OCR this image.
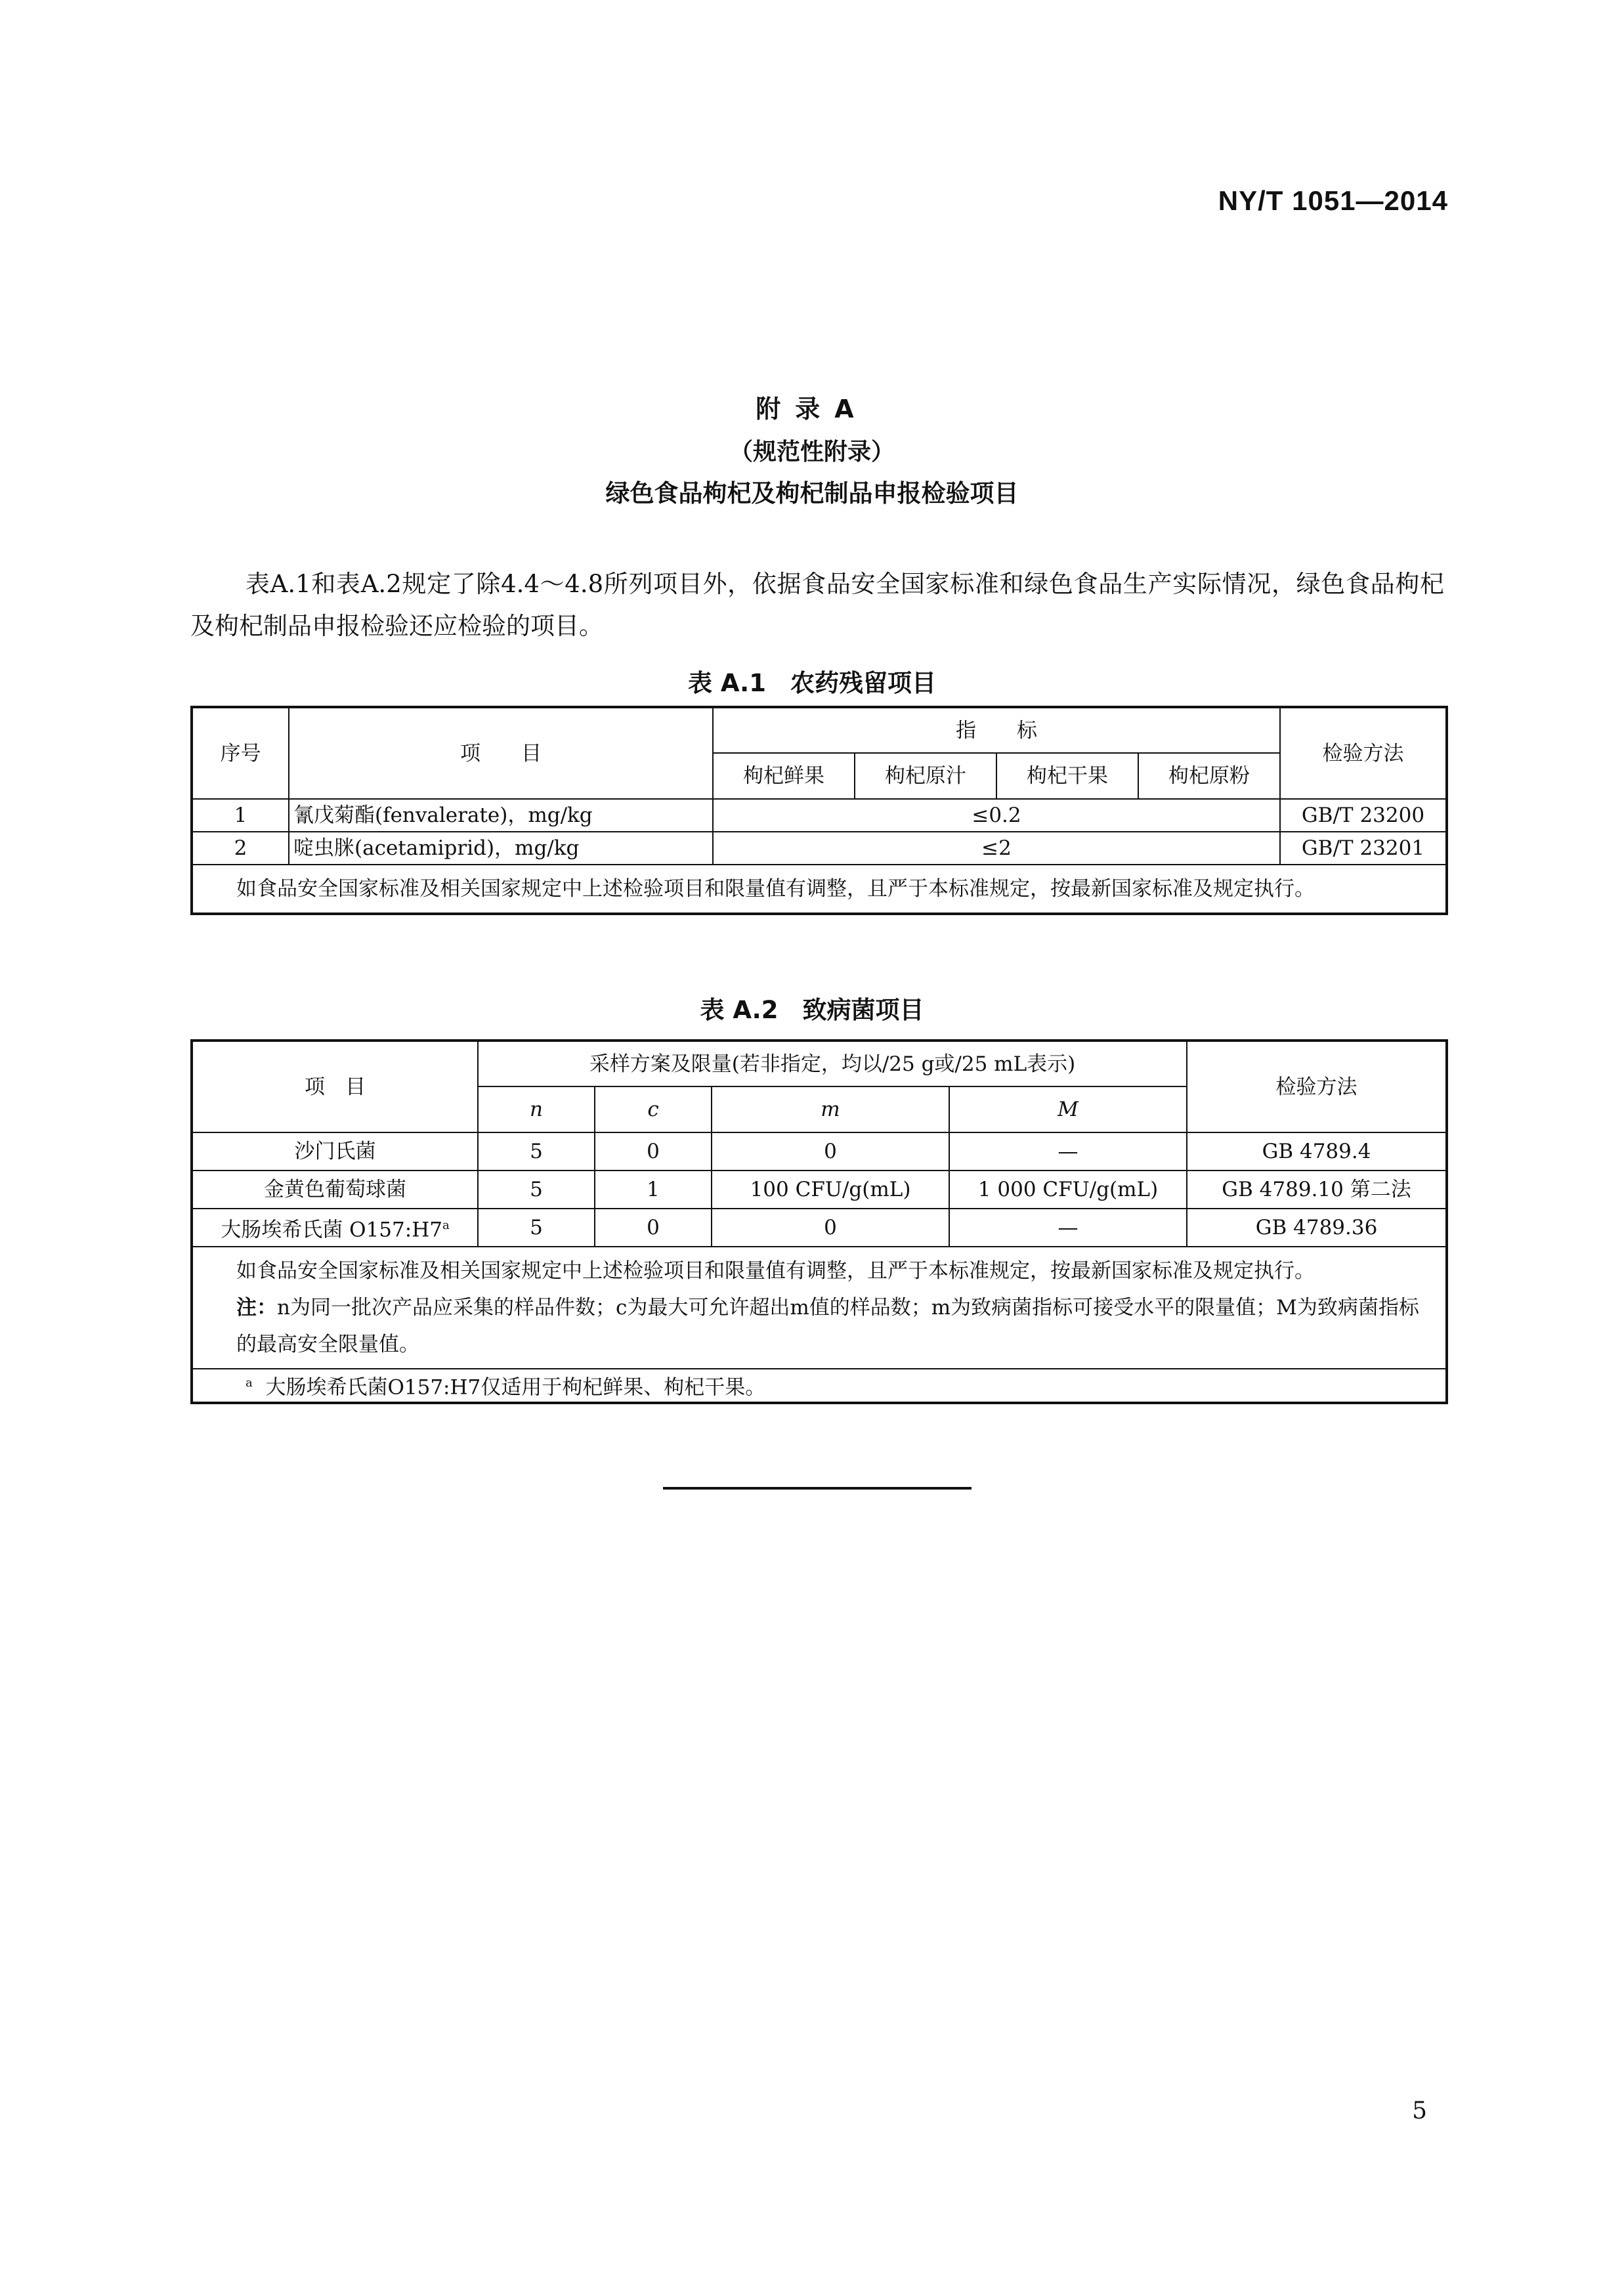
NY/T 1051—2014
附录A
（规范性附录）
绿色食品枸杞及枸杞制品申报检验项目
表A.1和表A.2规定了除4.4～4.8所列项目外，依据食品安全国家标准和绿色食品生产实际情况，绿色食品枸杞及枸杞制品申报检验还应检验的项目。
表 A.1　农药残留项目
序号	项　　目	指　　标				检验方法
		枸杞鲜果	枸杞原汁	枸杞干果	枸杞原粉	
1	氰戊菊酯(fenvalerate)，mg/kg	≤0.2				GB/T 23200
2	啶虫脒(acetamiprid)，mg/kg	≤2				GB/T 23201
如食品安全国家标准及相关国家规定中上述检验项目和限量值有调整，且严于本标准规定，按最新国家标准及规定执行。						
表 A.2　致病菌项目
项　目	采样方案及限量(若非指定，均以/25 g或/25 mL表示)				检验方法
	n	c	m	M	
沙门氏菌	5	0	0	—	GB 4789.4
金黄色葡萄球菌	5	1	100 CFU/g(mL)	1 000 CFU/g(mL)	GB 4789.10 第二法
大肠埃希氏菌 O157:H7$^a$	5	0	0	—	GB 4789.36

如食品安全国家标准及相关国家规定中上述检验项目和限量值有调整，且严于本标准规定，按最新国家标准及规定执行。
注：n为同一批次产品应采集的样品件数；c为最大可允许超出m值的样品数；m为致病菌指标可接受水平的限量值；M为致病菌指标的最高安全限量值。					

$^a$ 大肠埃希氏菌O157:H7仅适用于枸杞鲜果、枸杞干果。					
5
